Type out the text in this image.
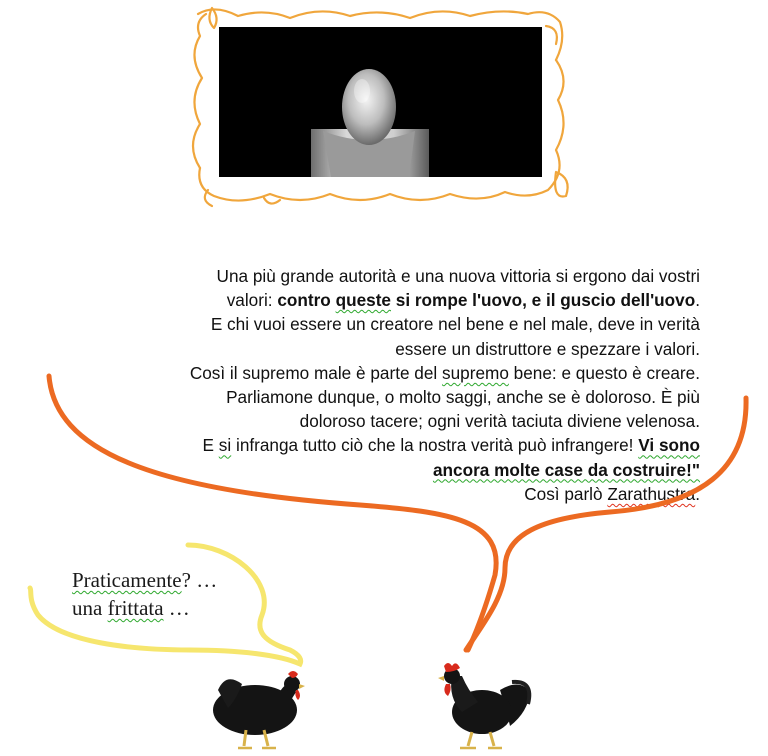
Una più grande autorità e una nuova vittoria si ergono dai vostri
valori: contro queste si rompe l'uovo, e il guscio dell'uovo.
E chi vuoi essere un creatore nel bene e nel male, deve in verità
essere un distruttore e spezzare i valori.
Così il supremo male è parte del supremo bene: e questo è creare.
Parliamone dunque, o molto saggi, anche se è doloroso. È più
doloroso tacere; ogni verità taciuta diviene velenosa.
E si infranga tutto ciò che la nostra verità può infrangere! Vi sono
ancora molte case da costruire!"
Così parlò Zarathustra.
Praticamente? …
una frittata …
